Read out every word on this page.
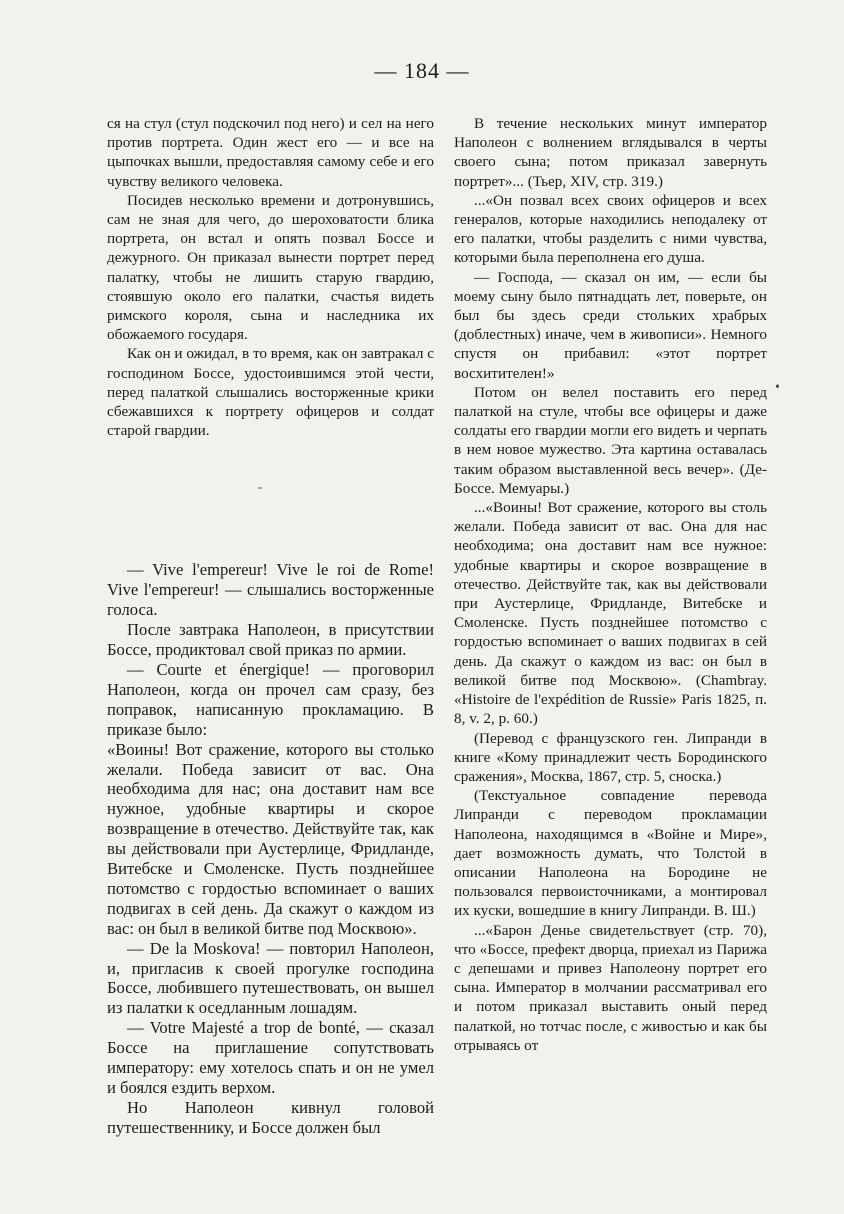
— 184 —

ся на стул (стул подскочил под него) и сел на него против портрета. Один жест его — и все на цыпочках вышли, предоставляя самому себе и его чувству великого человека.

Посидев несколько времени и дотронувшись, сам не зная для чего, до шероховатости блика портрета, он встал и опять позвал Боссе и дежурного. Он приказал вынести портрет перед палатку, чтобы не лишить старую гвардию, стоявшую около его палатки, счастья видеть римского короля, сына и наследника их обожаемого государя.

Как он и ожидал, в то время, как он завтракал с господином Боссе, удостоившимся этой чести, перед палаткой слышались восторженные крики сбежавшихся к портрету офицеров и солдат старой гвардии.

— Vive l'empereur! Vive le roi de Rome! Vive l'empereur! — слышались восторженные голоса.

После завтрака Наполеон, в присутствии Боссе, продиктовал свой приказ по армии.

— Courte et énergique! — проговорил Наполеон, когда он прочел сам сразу, без поправок, написанную прокламацию. В приказе было:

«Воины! Вот сражение, которого вы столько желали. Победа зависит от вас. Она необходима для нас; она доставит нам все нужное, удобные квартиры и скорое возвращение в отечество. Действуйте так, как вы действовали при Аустерлице, Фридланде, Витебске и Смоленске. Пусть позднейшее потомство с гордостью вспоминает о ваших подвигах в сей день. Да скажут о каждом из вас: он был в великой битве под Москвою».

— De la Moskova! — повторил Наполеон, и, пригласив к своей прогулке господина Боссе, любившего путешествовать, он вышел из палатки к оседланным лошадям.

— Votre Majesté a trop de bonté, — сказал Боссе на приглашение сопутствовать императору: ему хотелось спать и он не умел и боялся ездить верхом.

Но Наполеон кивнул головой путешественнику, и Боссе должен был

-

В течение нескольких минут император Наполеон с волнением вглядывался в черты своего сына; потом приказал завернуть портрет»... (Тьер, XIV, стр. 319.)

...«Он позвал всех своих офицеров и всех генералов, которые находились неподалеку от его палатки, чтобы разделить с ними чувства, которыми была переполнена его душа.

— Господа, — сказал он им, — если бы моему сыну было пятнадцать лет, поверьте, он был бы здесь среди стольких храбрых (доблестных) иначе, чем в живописи». Немного спустя он прибавил: «этот портрет восхитителен!»

Потом он велел поставить его перед палаткой на стуле, чтобы все офицеры и даже солдаты его гвардии могли его видеть и черпать в нем новое мужество. Эта картина оставалась таким образом выставленной весь вечер». (Де-Боссе. Мемуары.)

...«Воины! Вот сражение, которого вы столь желали. Победа зависит от вас. Она для нас необходима; она доставит нам все нужное: удобные квартиры и скорое возвращение в отечество. Действуйте так, как вы действовали при Аустерлице, Фридланде, Витебске и Смоленске. Пусть позднейшее потомство с гордостью вспоминает о ваших подвигах в сей день. Да скажут о каждом из вас: он был в великой битве под Москвою». (Chambray. «Histoire de l'expédition de Russie» Paris 1825, п. 8, v. 2, p. 60.)

(Перевод с французского ген. Липранди в книге «Кому принадлежит честь Бородинского сражения», Москва, 1867, стр. 5, сноска.)

(Текстуальное совпадение перевода Липранди с переводом прокламации Наполеона, находящимся в «Войне и Мире», дает возможность думать, что Толстой в описании Наполеона на Бородине не пользовался первоисточниками, а монтировал их куски, вошедшие в книгу Липранди. В. Ш.)

...«Барон Денье свидетельствует (стр. 70), что «Боссе, префект дворца, приехал из Парижа с депешами и привез Наполеону портрет его сына. Император в молчании рассматривал его и потом приказал выставить оный перед палаткой, но тотчас после, с живостью и как бы отрываясь от

•
